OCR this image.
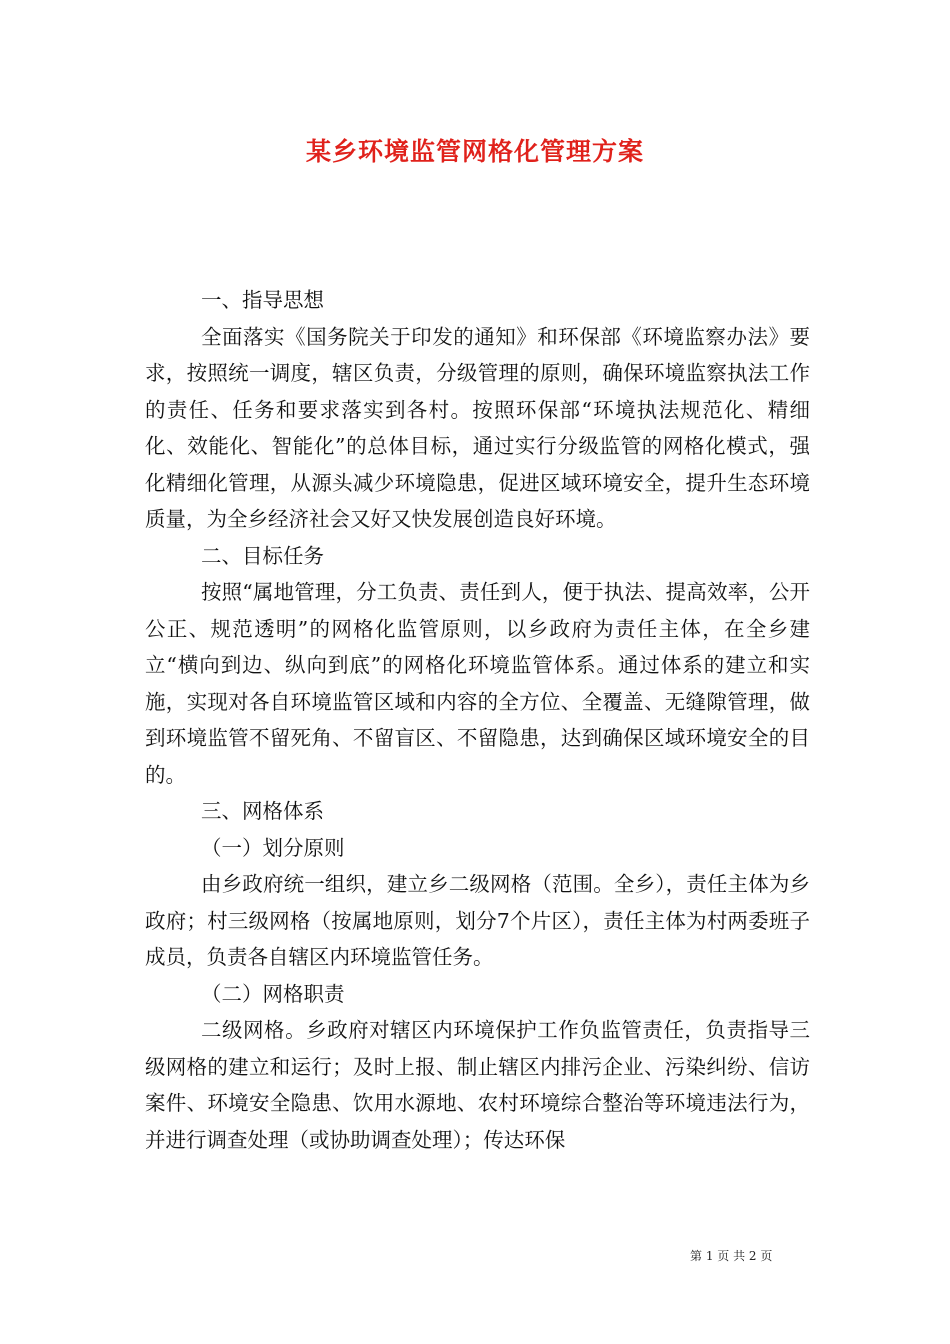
某乡环境监管网格化管理方案

一、指导思想

全面落实《国务院关于印发的通知》和环保部《环境监察办法》要求，按照统一调度，辖区负责，分级管理的原则，确保环境监察执法工作的责任、任务和要求落实到各村。按照环保部“环境执法规范化、精细化、效能化、智能化”的总体目标，通过实行分级监管的网格化模式，强化精细化管理，从源头减少环境隐患，促进区域环境安全，提升生态环境质量，为全乡经济社会又好又快发展创造良好环境。

二、目标任务

按照“属地管理，分工负责、责任到人，便于执法、提高效率，公开公正、规范透明”的网格化监管原则，以乡政府为责任主体，在全乡建立“横向到边、纵向到底”的网格化环境监管体系。通过体系的建立和实施，实现对各自环境监管区域和内容的全方位、全覆盖、无缝隙管理，做到环境监管不留死角、不留盲区、不留隐患，达到确保区域环境安全的目的。

三、网格体系

（一）划分原则

由乡政府统一组织，建立乡二级网格（范围。全乡），责任主体为乡政府；村三级网格（按属地原则，划分7个片区），责任主体为村两委班子成员，负责各自辖区内环境监管任务。

（二）网格职责

二级网格。乡政府对辖区内环境保护工作负监管责任，负责指导三级网格的建立和运行；及时上报、制止辖区内排污企业、污染纠纷、信访案件、环境安全隐患、饮用水源地、农村环境综合整治等环境违法行为，并进行调查处理（或协助调查处理）；传达环保

第 1 页 共 2 页
